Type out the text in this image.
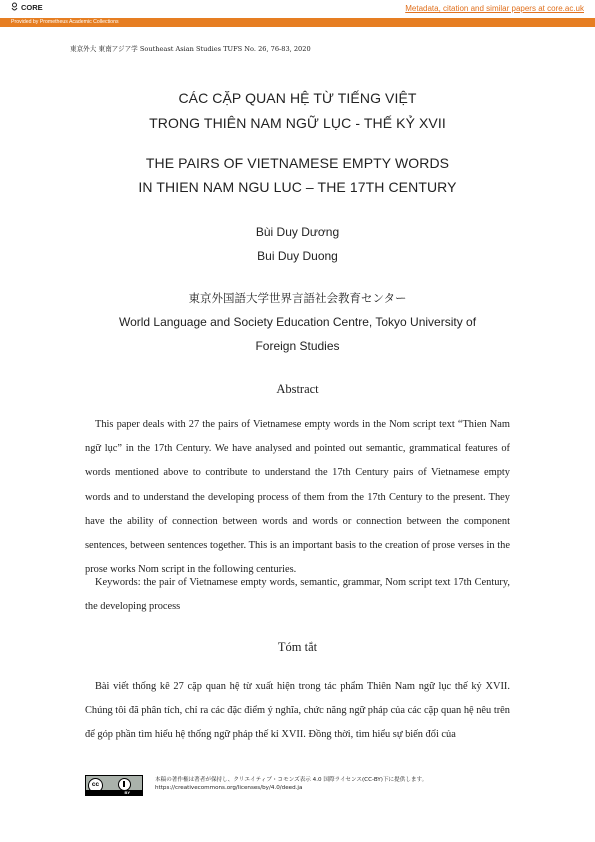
CORE	Metadata, citation and similar papers at core.ac.uk
Provided by Prometheus Academic Collections
東京外大 東南アジア学 Southeast Asian Studies TUFS No. 26, 76-83, 2020
CÁC CẶP QUAN HỆ TỪ TIẾNG VIỆT
TRONG THIÊN NAM NGỮ LỤC - THẾ KỶ XVII
THE PAIRS OF VIETNAMESE EMPTY WORDS
IN THIEN NAM NGU LUC – THE 17TH CENTURY
Bùi Duy Dương
Bui Duy Duong
東京外国語大学世界言語社会教育センター
World Language and Society Education Centre, Tokyo University of
Foreign Studies
Abstract

This paper deals with 27 the pairs of Vietnamese empty words in the Nom script text “Thien Nam ngữ lục” in the 17th Century. We have analysed and pointed out semantic, grammatical features of words mentioned above to contribute to understand the 17th Century pairs of Vietnamese empty words and to understand the developing process of them from the 17th Century to the present. They have the ability of connection between words and words or connection between the component sentences, between sentences together. This is an important basis to the creation of prose verses in the prose works Nom script in the following centuries.

Keywords: the pair of Vietnamese empty words, semantic, grammar, Nom script text 17th Century, the developing process

Tóm tắt

Bài viết thống kê 27 cặp quan hệ từ xuất hiện trong tác phẩm Thiên Nam ngữ lục thế kỷ XVII. Chúng tôi đã phân tích, chỉ ra các đặc điểm ý nghĩa, chức năng ngữ pháp của các cặp quan hệ nêu trên để góp phần tìm hiểu hệ thống ngữ pháp thế kỉ XVII. Đồng thời, tìm hiểu sự biến đổi của

cc
BY
本稿の著作権は著者が保持し、クリエイティブ・コモンズ表示 4.0 国際ライセンス(CC-BY)下に提供します。
https://creativecommons.org/licenses/by/4.0/deed.ja
